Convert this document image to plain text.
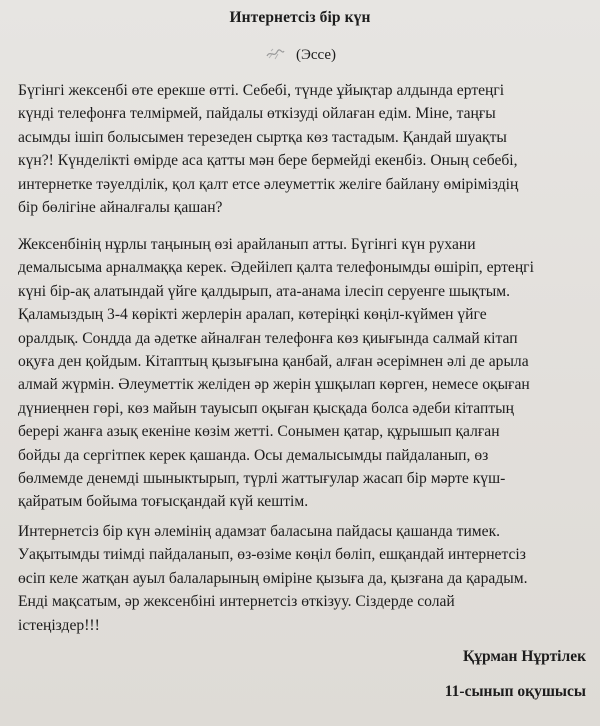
Интернетсіз бір күн
(Эссе)
Бүгінгі жексенбі өте ерекше өтті. Себебі, түнде ұйықтар алдында ертеңгі
күнді телефонға телмірмей, пайдалы өткізуді ойлаған едім. Міне, таңғы
асымды ішіп болысымен терезеден сыртқа көз тастадым. Қандай шуақты
күн?! Күнделікті өмірде аса қатты мән бере бермейді екенбіз. Оның себебі,
интернетке тәуелділік, қол қалт етсе әлеуметтік желіге байлану өмірімiздің
бір бөлігіне айналғалы қашан?
Жексенбінің нұрлы таңының өзі арайланып атты. Бүгінгі күн рухани
демалысыма арналмаққа керек. Әдейілеп қалта телефонымды өшіріп, ертеңгі
күні бір-ақ алатындай үйге қалдырып, ата-анама ілесіп серуенге шықтым.
Қаламыздың 3-4 көрікті жерлерін аралап, көтеріңкі көңіл-күймен үйге
оралдық. Сондда да әдетке айналған телефонға көз қиығында салмай кітап
оқуға ден қойдым. Кітаптың қызығына қанбай, алған әсерімнен әлі де арыла
алмай жүрмін. Әлеуметтік желіден әр жерін ұшқылап көрген, немесе оқыған
дүниеңнен гөрі, көз майын тауысып оқыған қысқада болса әдеби кітаптың
берері жанға азық екеніне көзім жетті. Сонымен қатар, құрышып қалған
бойды да сергітпек керек қашанда. Осы демалысымды пайдаланып, өз
бөлмемде денемді шыныктырып, түрлі жаттығулар жасап бір мәрте күш-
қайратым бойыма тоғысқандай күй кештім.
Интернетсіз бір күн әлемінің адамзат баласына пайдасы қашанда тимек.
Уақытымды тиімді пайдаланып, өз-өзіме көңіл бөліп, ешқандай интернетсіз
өсіп келе жатқан ауыл балаларының өміріне қызыға да, қызғана да қарадым.
Енді мақсатым, әр жексенбіні интернетсіз өткізуу. Сіздерде солай
істеңіздер!!!
Құрман Нұртілек
11-сынып оқушысы
